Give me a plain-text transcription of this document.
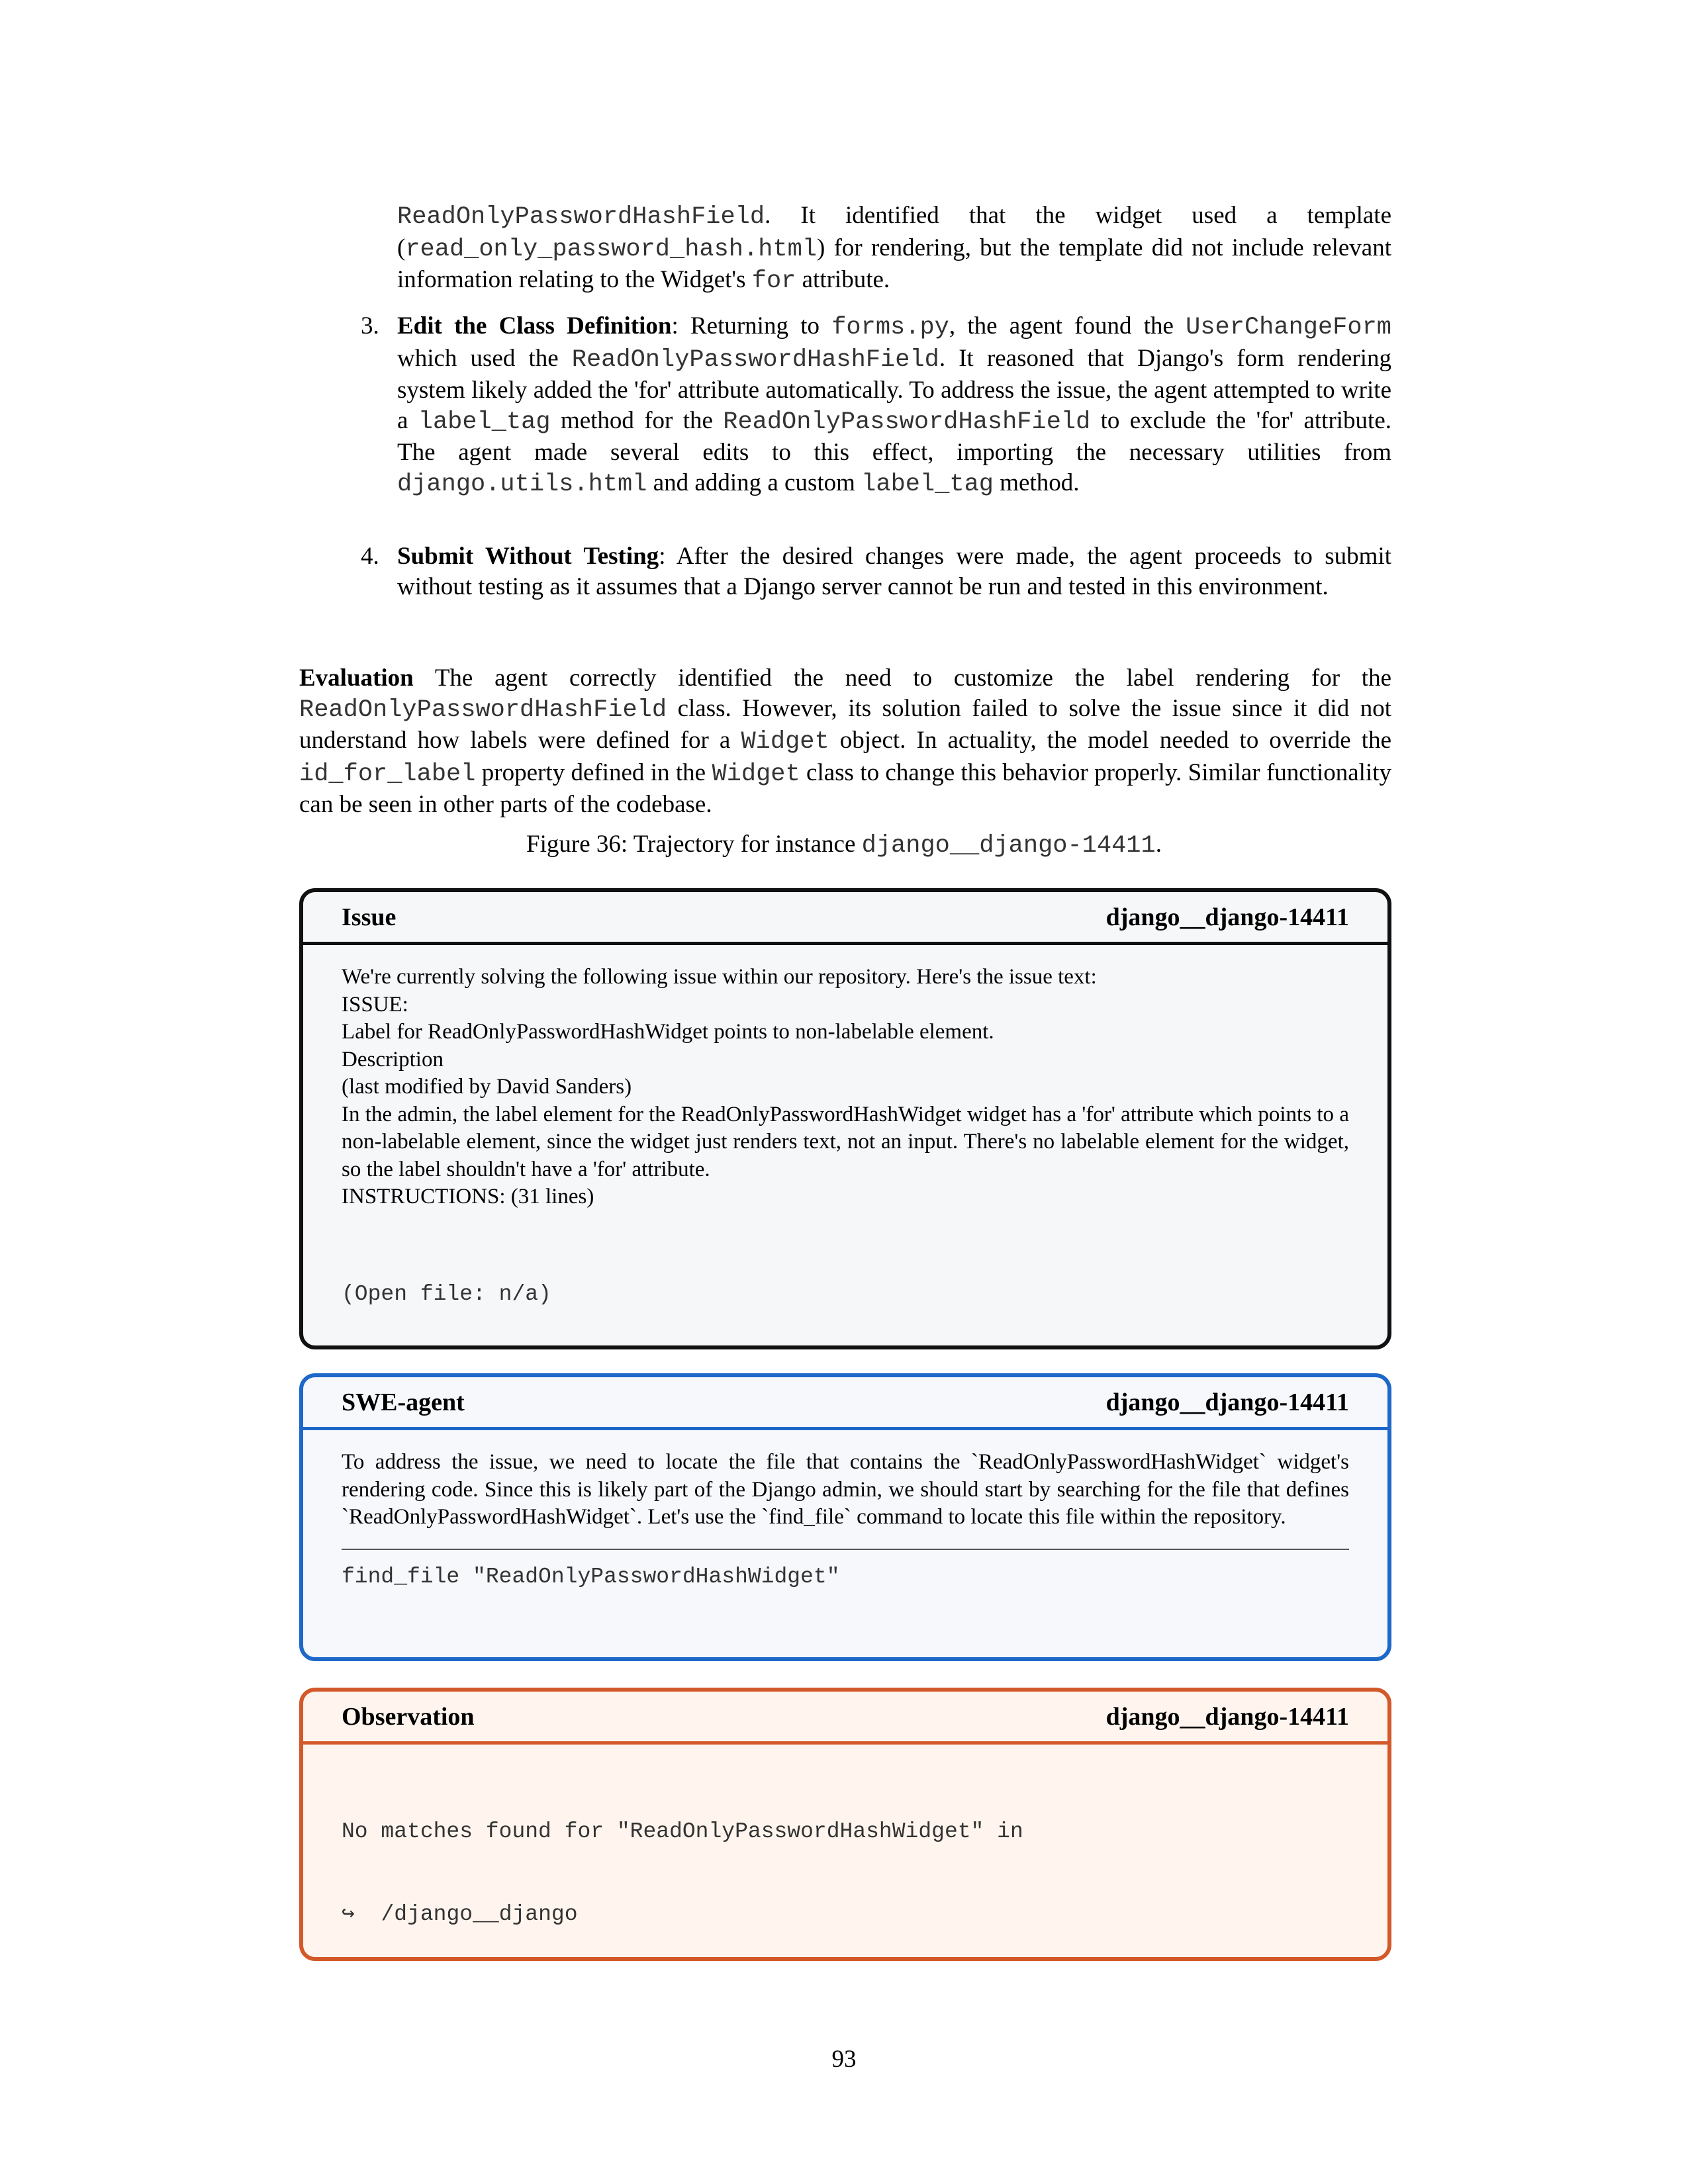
ReadOnlyPasswordHashField. It identified that the widget used a template (read_only_password_hash.html) for rendering, but the template did not include relevant information relating to the Widget's for attribute.
3. Edit the Class Definition: Returning to forms.py, the agent found the UserChangeForm which used the ReadOnlyPasswordHashField. It reasoned that Django's form rendering system likely added the 'for' attribute automatically. To address the issue, the agent attempted to write a label_tag method for the ReadOnlyPasswordHashField to exclude the 'for' attribute. The agent made several edits to this effect, importing the necessary utilities from django.utils.html and adding a custom label_tag method.
4. Submit Without Testing: After the desired changes were made, the agent proceeds to submit without testing as it assumes that a Django server cannot be run and tested in this environment.
Evaluation The agent correctly identified the need to customize the label rendering for the ReadOnlyPasswordHashField class. However, its solution failed to solve the issue since it did not understand how labels were defined for a Widget object. In actuality, the model needed to override the id_for_label property defined in the Widget class to change this behavior properly. Similar functionality can be seen in other parts of the codebase.
Figure 36: Trajectory for instance django__django-14411.
Issue	django__django-14411
We're currently solving the following issue within our repository. Here's the issue text:
ISSUE:
Label for ReadOnlyPasswordHashWidget points to non-labelable element.
Description
(last modified by David Sanders)
In the admin, the label element for the ReadOnlyPasswordHashWidget widget has a 'for' attribute which points to a non-labelable element, since the widget just renders text, not an input. There's no labelable element for the widget, so the label shouldn't have a 'for' attribute.
INSTRUCTIONS: (31 lines)

(Open file: n/a)

SWE-agent	django__django-14411
To address the issue, we need to locate the file that contains the `ReadOnlyPasswordHashWidget` widget's rendering code. Since this is likely part of the Django admin, we should start by searching for the file that defines `ReadOnlyPasswordHashWidget`. Let's use the `find_file` command to locate this file within the repository.
find_file "ReadOnlyPasswordHashWidget"
Observation	django__django-14411

No matches found for "ReadOnlyPasswordHashWidget" in

↪  /django__django

93
